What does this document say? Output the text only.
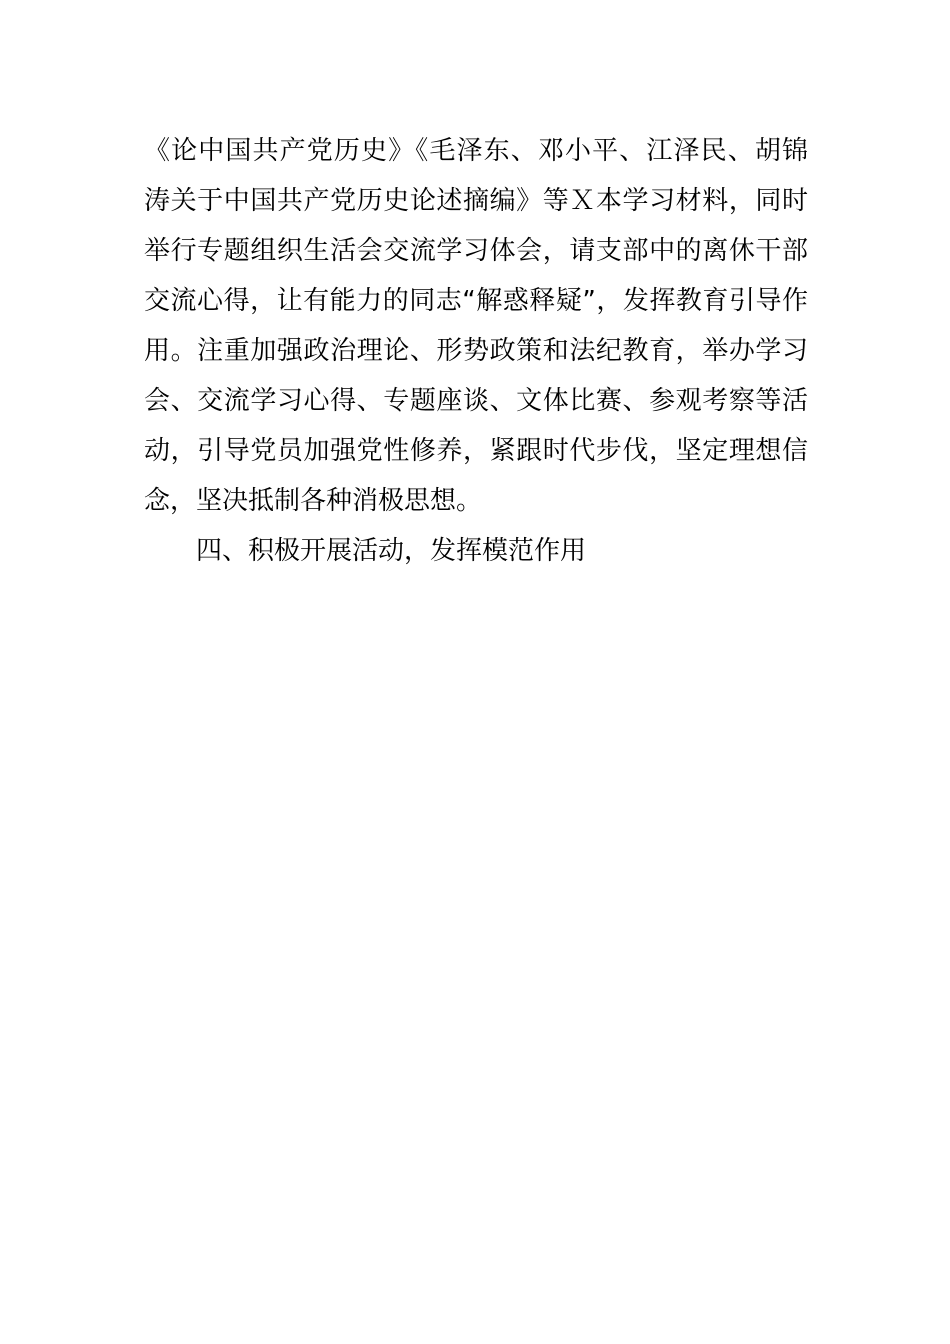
《论中国共产党历史》《毛泽东、邓小平、江泽民、胡锦
涛关于中国共产党历史论述摘编》等Ｘ本学习材料，同时
举行专题组织生活会交流学习体会，请支部中的离休干部
交流心得，让有能力的同志“解惑释疑”，发挥教育引导作
用。注重加强政治理论、形势政策和法纪教育，举办学习
会、交流学习心得、专题座谈、文体比赛、参观考察等活
动，引导党员加强党性修养，紧跟时代步伐，坚定理想信
念，坚决抵制各种消极思想。
四、积极开展活动，发挥模范作用
